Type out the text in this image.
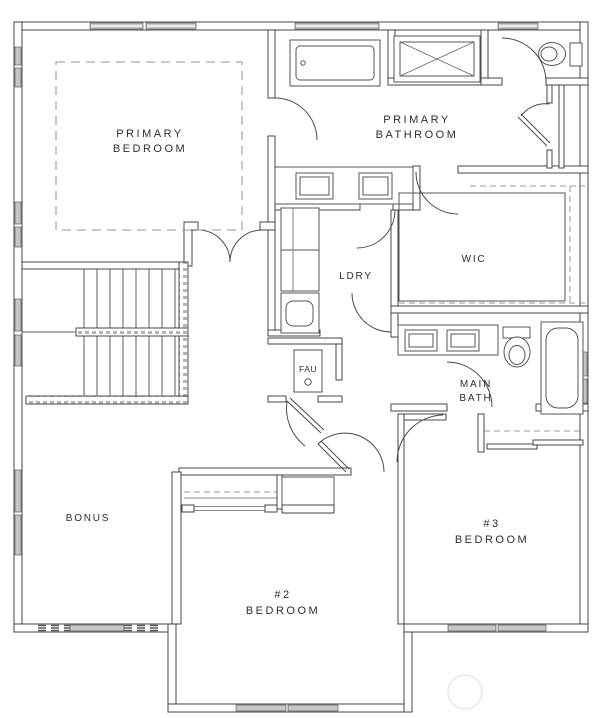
PRIMARY
BEDROOM
PRIMARY
BATHROOM
WIC
LDRY
FAU
MAIN
BATH
BONUS
#2
BEDROOM
#3
BEDROOM
